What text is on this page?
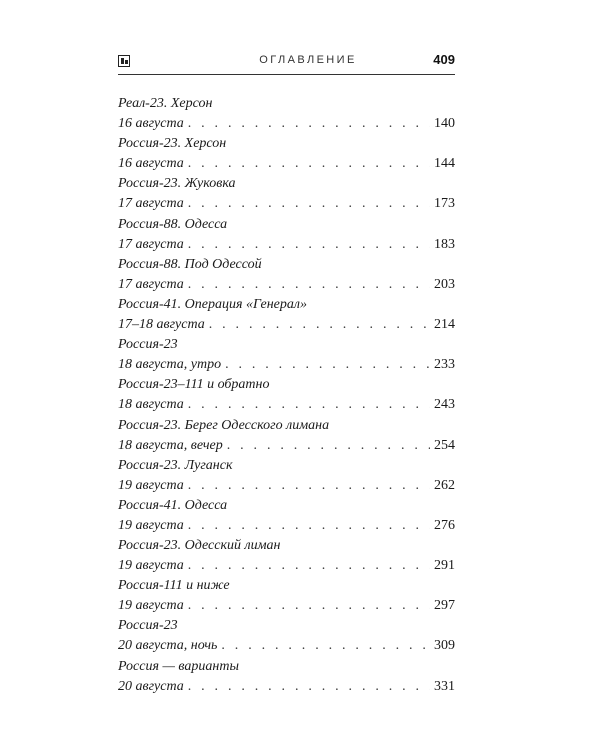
ОГЛАВЛЕНИЕ	409
Реал-23. Херсон
16 августа . . .	140
Россия-23. Херсон
16 августа . . .	144
Россия-23. Жуковка
17 августа . . .	173
Россия-88. Одесса
17 августа . . .	183
Россия-88. Под Одессой
17 августа . . .	203
Россия-41. Операция «Генерал»
17–18 августа . . .	214
Россия-23
18 августа, утро . . .	233
Россия-23–111 и обратно
18 августа . . .	243
Россия-23. Берег Одесского лимана
18 августа, вечер . . .	254
Россия-23. Луганск
19 августа . . .	262
Россия-41. Одесса
19 августа . . .	276
Россия-23. Одесский лиман
19 августа . . .	291
Россия-111 и ниже
19 августа . . .	297
Россия-23
20 августа, ночь . . .	309
Россия — варианты
20 августа . . .	331
